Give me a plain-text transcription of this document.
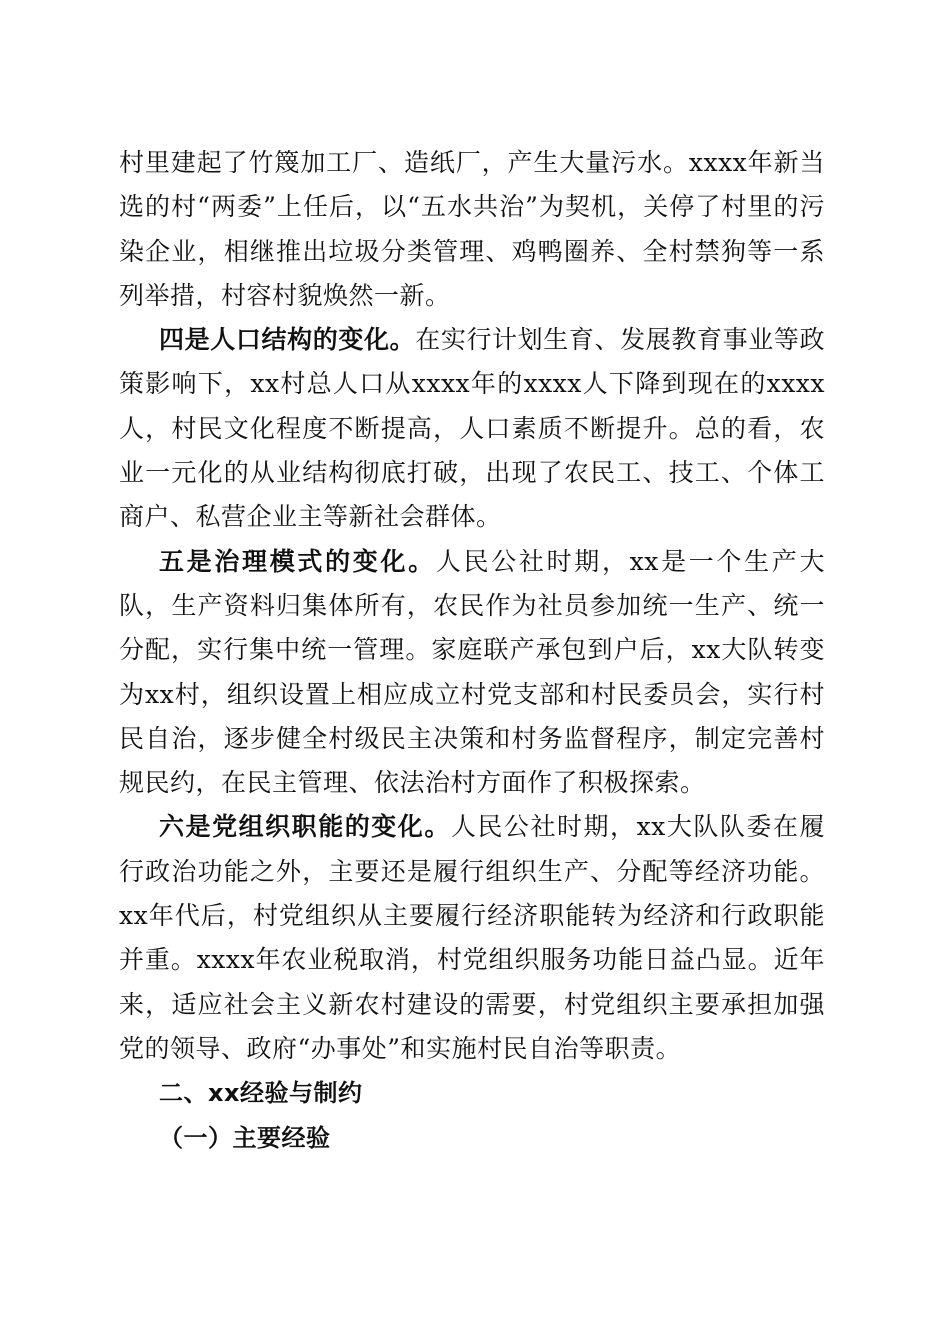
村里建起了竹篾加工厂、造纸厂，产生大量污水。xxxx年新当选的村“两委”上任后，以“五水共治”为契机，关停了村里的污染企业，相继推出垃圾分类管理、鸡鸭圈养、全村禁狗等一系列举措，村容村貌焕然一新。

四是人口结构的变化。在实行计划生育、发展教育事业等政策影响下，xx村总人口从xxxx年的xxxx人下降到现在的xxxx人，村民文化程度不断提高，人口素质不断提升。总的看，农业一元化的从业结构彻底打破，出现了农民工、技工、个体工商户、私营企业主等新社会群体。

五是治理模式的变化。人民公社时期，xx是一个生产大队，生产资料归集体所有，农民作为社员参加统一生产、统一分配，实行集中统一管理。家庭联产承包到户后，xx大队转变为xx村，组织设置上相应成立村党支部和村民委员会，实行村民自治，逐步健全村级民主决策和村务监督程序，制定完善村规民约，在民主管理、依法治村方面作了积极探索。

六是党组织职能的变化。人民公社时期，xx大队队委在履行政治功能之外，主要还是履行组织生产、分配等经济功能。xx年代后，村党组织从主要履行经济职能转为经济和行政职能并重。xxxx年农业税取消，村党组织服务功能日益凸显。近年来，适应社会主义新农村建设的需要，村党组织主要承担加强党的领导、政府“办事处”和实施村民自治等职责。

二、xx经验与制约

（一）主要经验
